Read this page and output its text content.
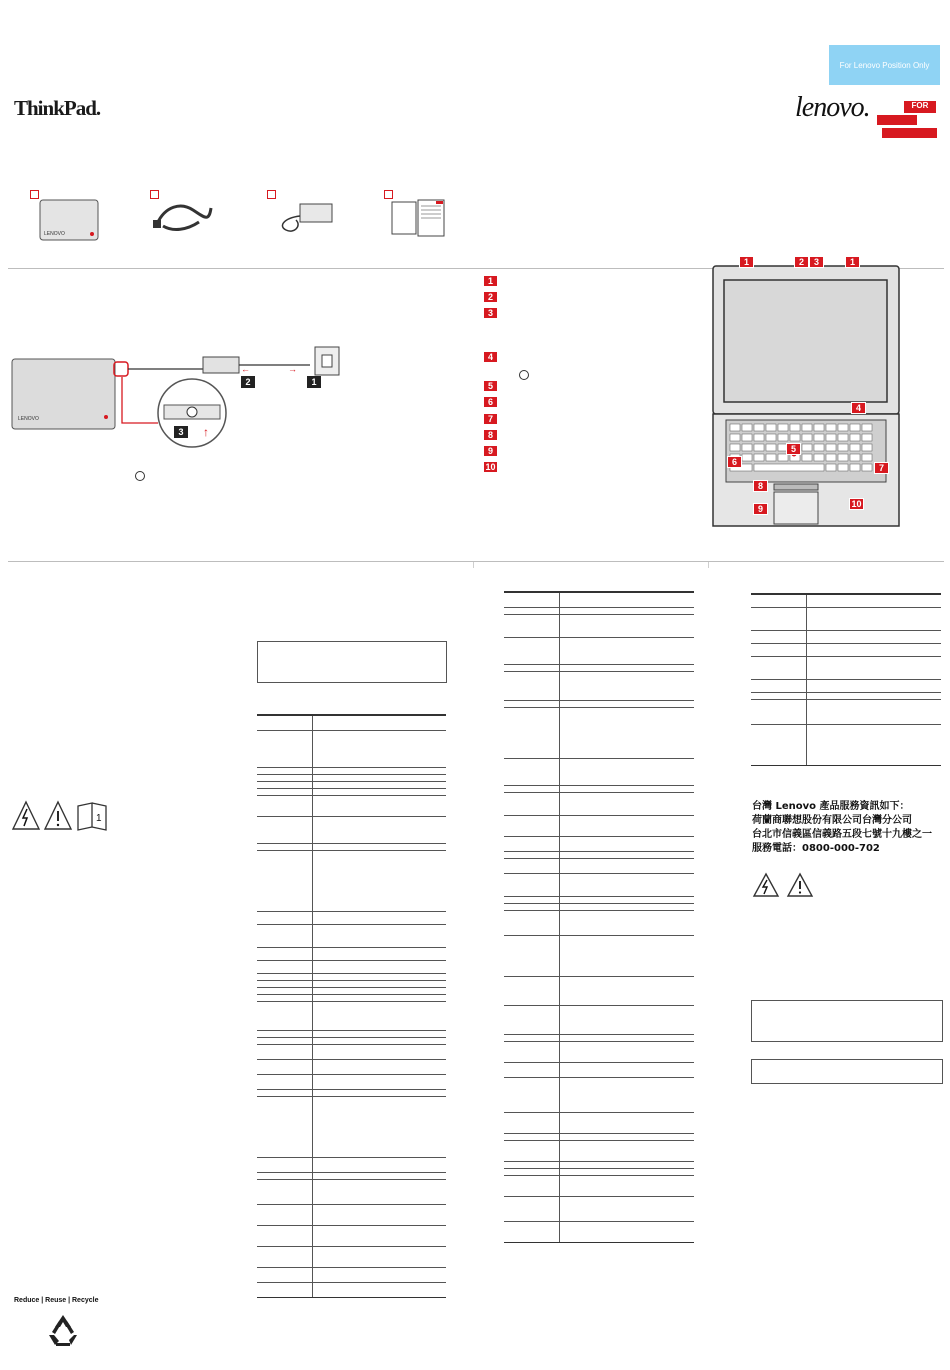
For Lenovo Position Only
ThinkPad.	lenovo.	FOR
LENOVO
LENOVO
→
←
↑
1
2
3
1
2
3
4
5
6
7
8
9
10
1	2	3	1
4
5
6
7
8
9	10
1
Reduce | Reuse | Recycle

台灣 Lenovo 產品服務資訊如下：
荷蘭商聯想股份有限公司台灣分公司
台北市信義區信義路五段七號十九樓之一
服務電話：0800-000-702
